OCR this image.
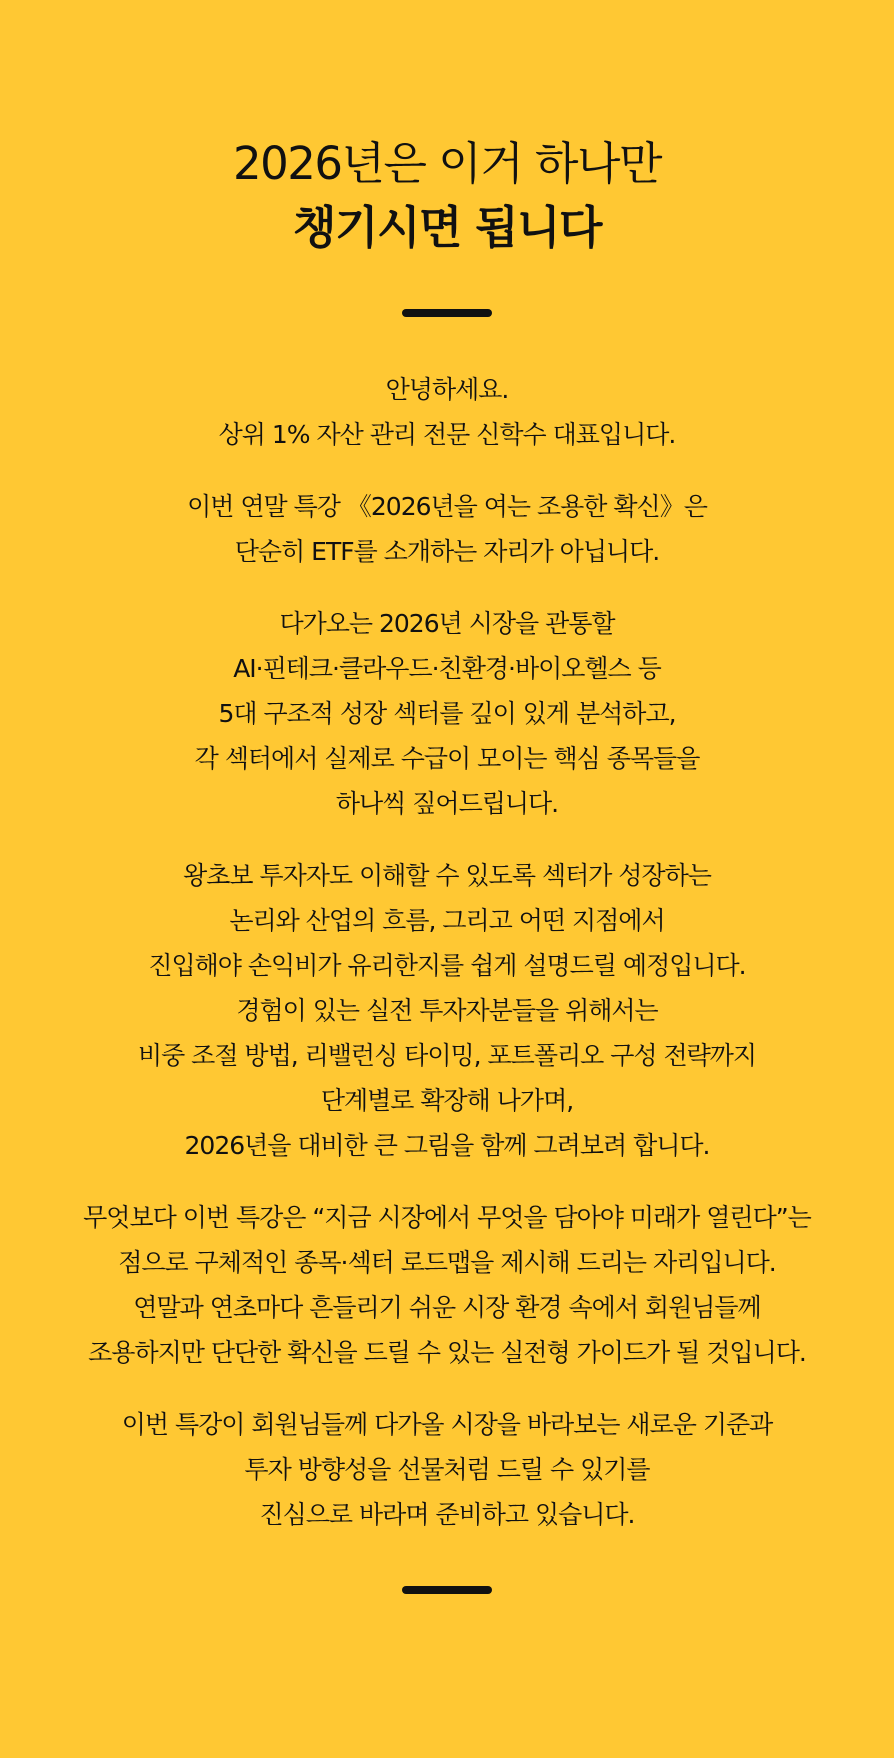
2026년은 이거 하나만
챙기시면 됩니다
안녕하세요.
상위 1% 자산 관리 전문 신학수 대표입니다.
이번 연말 특강 《2026년을 여는 조용한 확신》은
단순히 ETF를 소개하는 자리가 아닙니다.
다가오는 2026년 시장을 관통할
AI·핀테크·클라우드·친환경·바이오헬스 등
5대 구조적 성장 섹터를 깊이 있게 분석하고,
각 섹터에서 실제로 수급이 모이는 핵심 종목들을
하나씩 짚어드립니다.
왕초보 투자자도 이해할 수 있도록 섹터가 성장하는
논리와 산업의 흐름, 그리고 어떤 지점에서
진입해야 손익비가 유리한지를 쉽게 설명드릴 예정입니다.
경험이 있는 실전 투자자분들을 위해서는
비중 조절 방법, 리밸런싱 타이밍, 포트폴리오 구성 전략까지
단계별로 확장해 나가며,
2026년을 대비한 큰 그림을 함께 그려보려 합니다.
무엇보다 이번 특강은 “지금 시장에서 무엇을 담아야 미래가 열린다”는
점으로 구체적인 종목·섹터 로드맵을 제시해 드리는 자리입니다.
연말과 연초마다 흔들리기 쉬운 시장 환경 속에서 회원님들께
조용하지만 단단한 확신을 드릴 수 있는 실전형 가이드가 될 것입니다.
이번 특강이 회원님들께 다가올 시장을 바라보는 새로운 기준과
투자 방향성을 선물처럼 드릴 수 있기를
진심으로 바라며 준비하고 있습니다.
